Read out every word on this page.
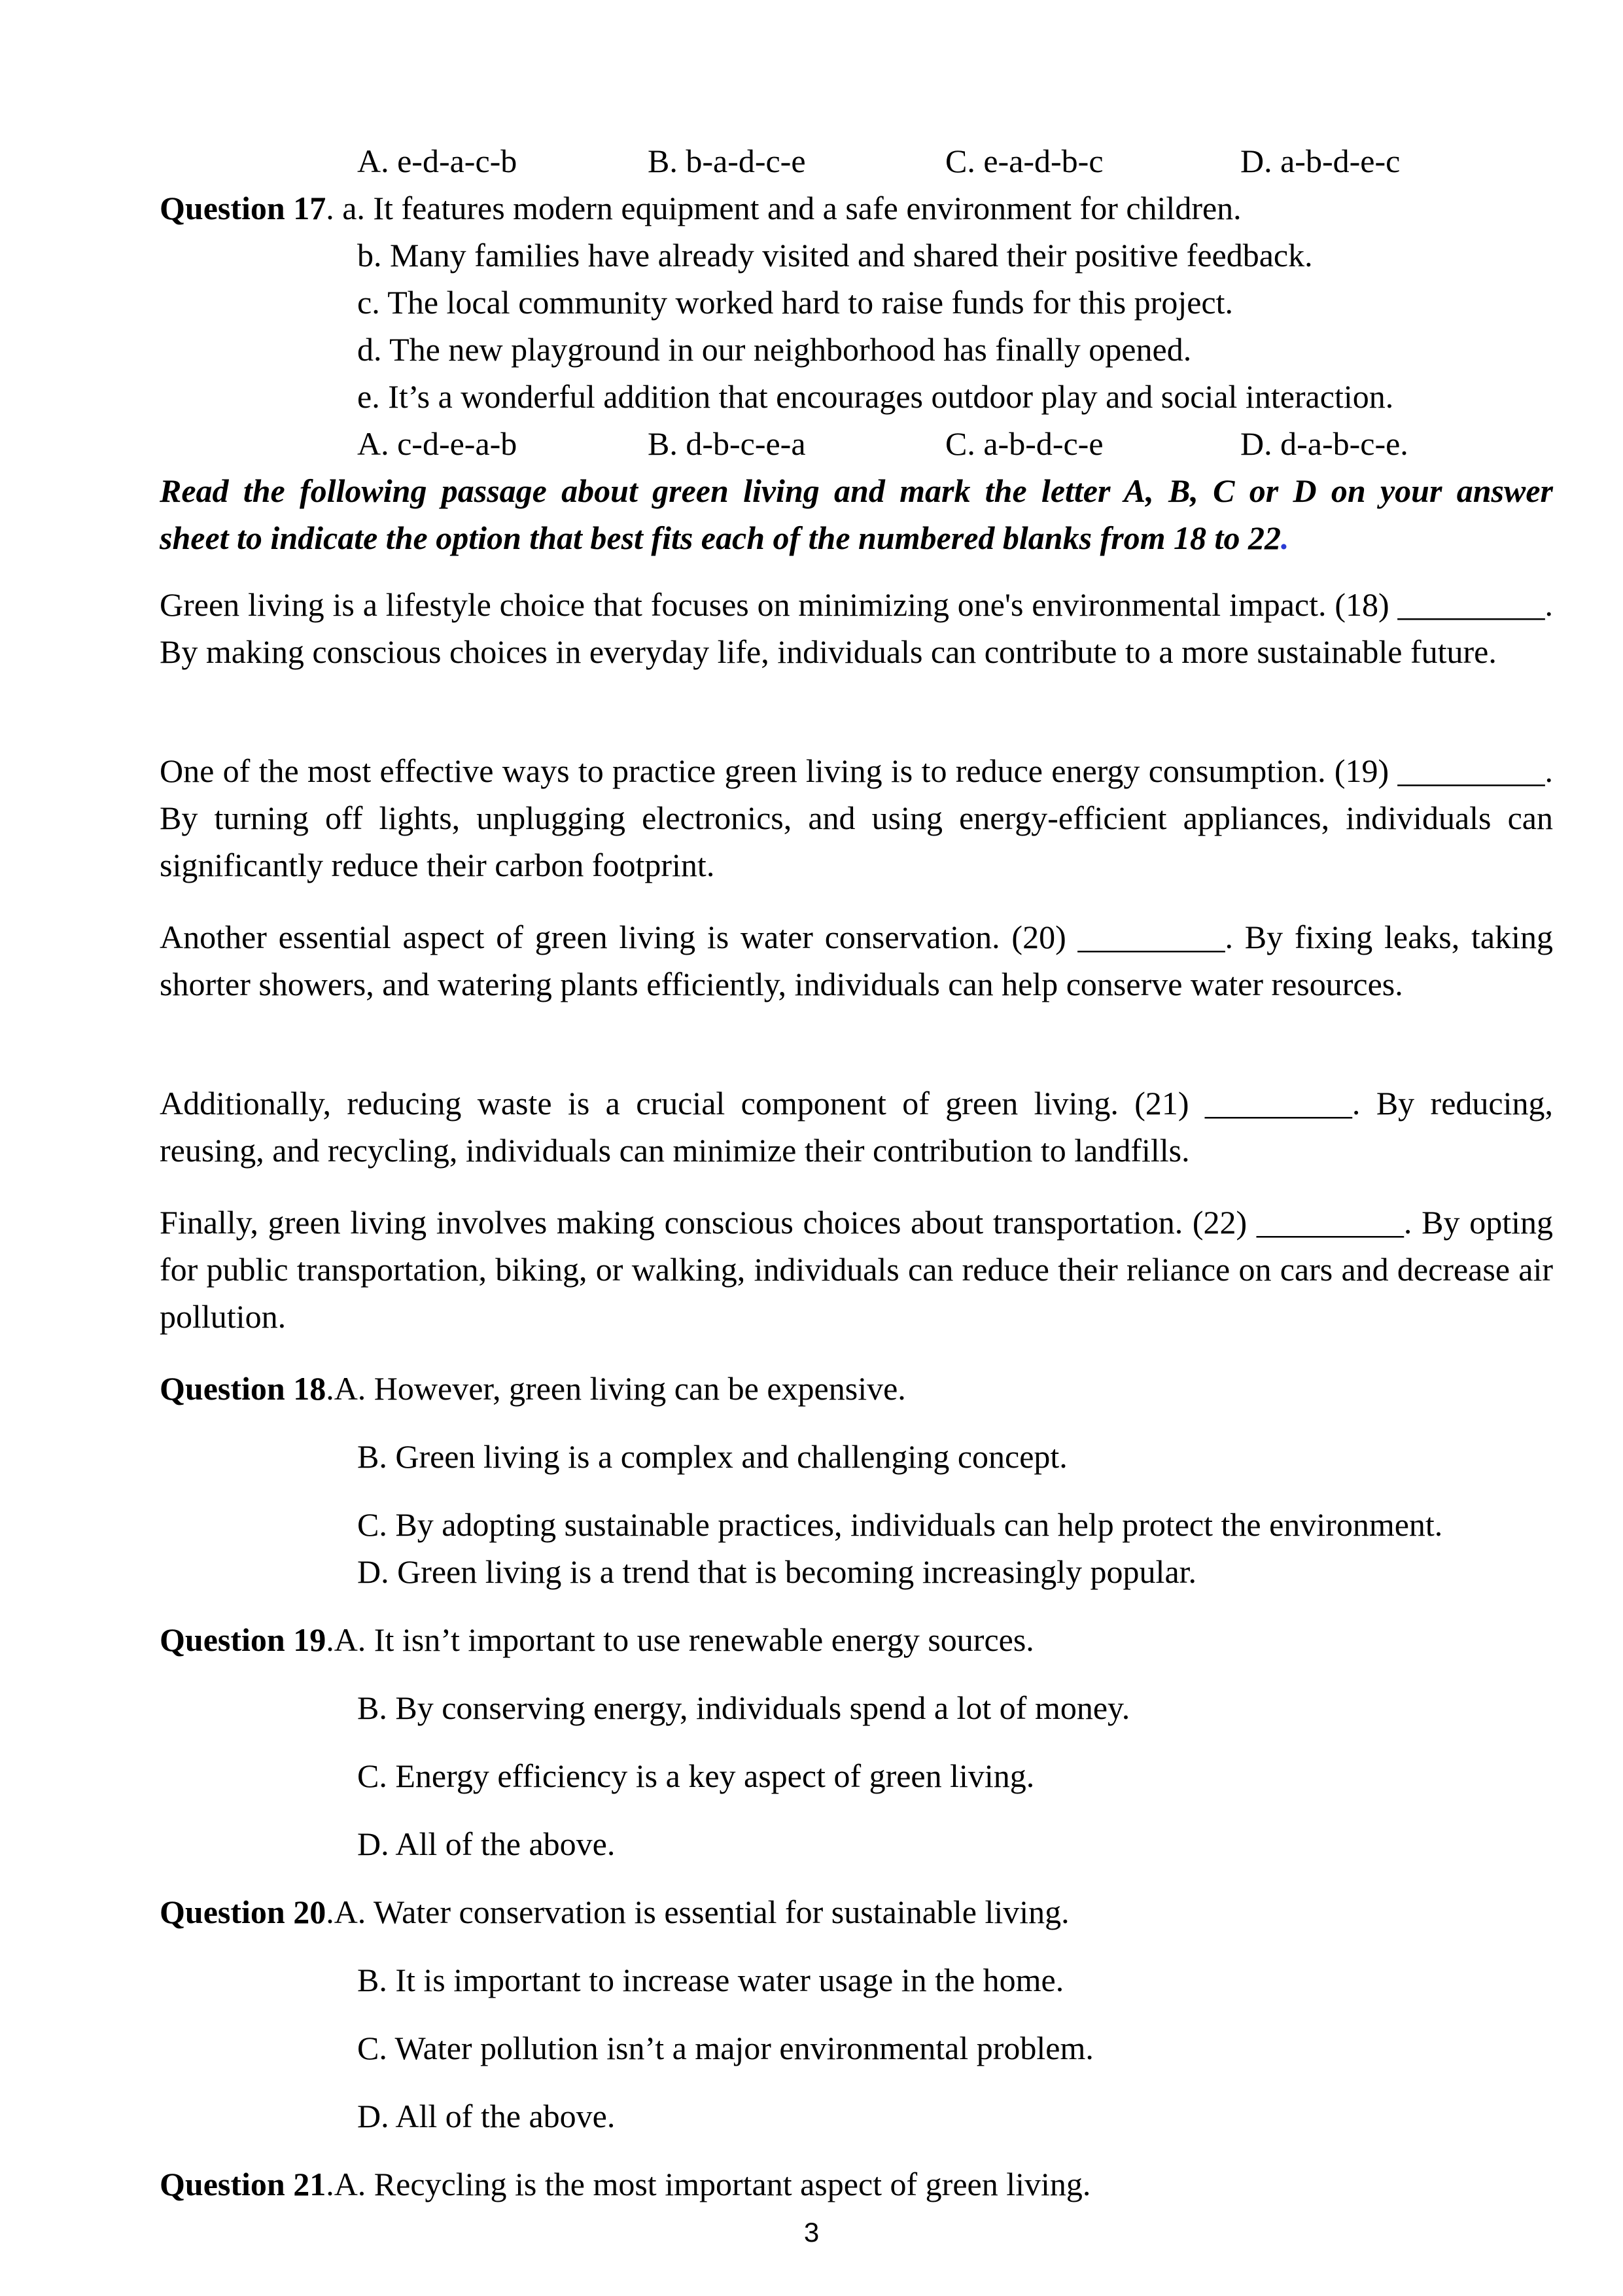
A. e-d-a-c-b	B. b-a-d-c-e	C. e-a-d-b-c	D. a-b-d-e-c
Question 17. a. It features modern equipment and a safe environment for children.
b. Many families have already visited and shared their positive feedback.
c. The local community worked hard to raise funds for this project.
d. The new playground in our neighborhood has finally opened.
e. It’s a wonderful addition that encourages outdoor play and social interaction.
A. c-d-e-a-b	B. d-b-c-e-a	C. a-b-d-c-e	D. d-a-b-c-e.
Read the following passage about green living and mark the letter A, B, C or D on your answer
sheet to indicate the option that best fits each of the numbered blanks from 18 to 22.
Green living is a lifestyle choice that focuses on minimizing one's environmental impact. (18) _________. By making conscious choices in everyday life, individuals can contribute to a more sustainable future.
One of the most effective ways to practice green living is to reduce energy consumption. (19) _________. By turning off lights, unplugging electronics, and using energy-efficient appliances, individuals can significantly reduce their carbon footprint.
Another essential aspect of green living is water conservation. (20) _________. By fixing leaks, taking shorter showers, and watering plants efficiently, individuals can help conserve water resources.
Additionally, reducing waste is a crucial component of green living. (21) _________. By reducing, reusing, and recycling, individuals can minimize their contribution to landfills.
Finally, green living involves making conscious choices about transportation. (22) _________. By opting for public transportation, biking, or walking, individuals can reduce their reliance on cars and decrease air pollution.
Question 18.A. However, green living can be expensive.
B. Green living is a complex and challenging concept.
C. By adopting sustainable practices, individuals can help protect the environment.
D. Green living is a trend that is becoming increasingly popular.
Question 19.A. It isn’t important to use renewable energy sources.
B. By conserving energy, individuals spend a lot of money.
C. Energy efficiency is a key aspect of green living.
D. All of the above.
Question 20.A. Water conservation is essential for sustainable living.
B. It is important to increase water usage in the home.
C. Water pollution isn’t a major environmental problem.
D. All of the above.
Question 21.A. Recycling is the most important aspect of green living.
3
